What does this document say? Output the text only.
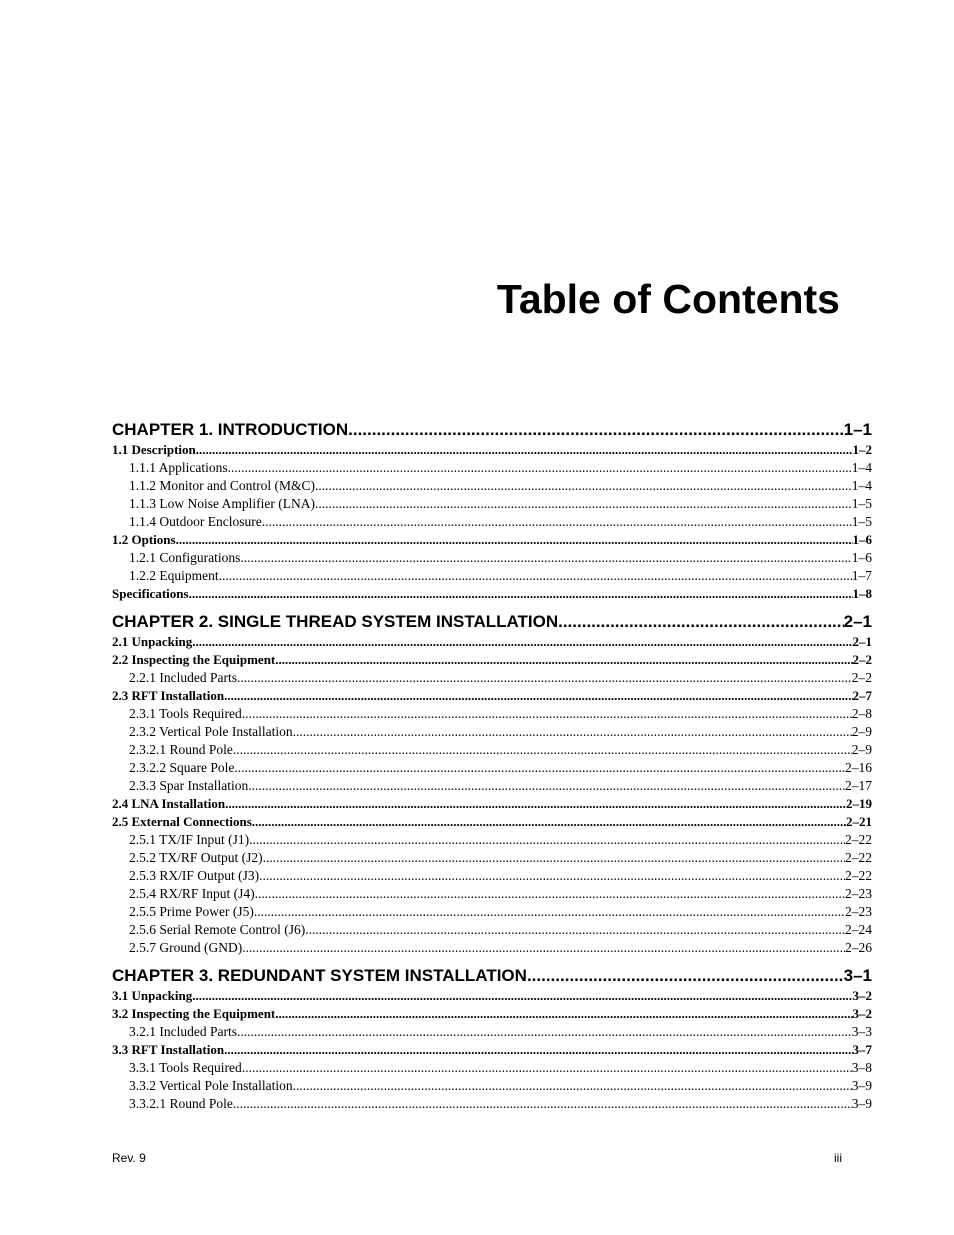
Table of Contents
CHAPTER 1. INTRODUCTION .....	1–1
1.1 Description .....	1–2
1.1.1 Applications .....	1–4
1.1.2 Monitor and Control (M&C) .....	1–4
1.1.3 Low Noise Amplifier (LNA) .....	1–5
1.1.4 Outdoor Enclosure .....	1–5
1.2 Options .....	1–6
1.2.1 Configurations .....	1–6
1.2.2 Equipment .....	1–7
Specifications .....	1–8
CHAPTER 2. SINGLE THREAD SYSTEM INSTALLATION .....	2–1
2.1 Unpacking .....	2–1
2.2 Inspecting the Equipment .....	2–2
2.2.1 Included Parts .....	2–2
2.3 RFT Installation .....	2–7
2.3.1 Tools Required .....	2–8
2.3.2 Vertical Pole Installation .....	2–9
2.3.2.1 Round Pole .....	2–9
2.3.2.2 Square Pole .....	2–16
2.3.3 Spar Installation .....	2–17
2.4 LNA Installation .....	2–19
2.5 External Connections .....	2–21
2.5.1 TX/IF Input (J1) .....	2–22
2.5.2 TX/RF Output (J2) .....	2–22
2.5.3 RX/IF Output (J3) .....	2–22
2.5.4 RX/RF Input (J4) .....	2–23
2.5.5 Prime Power (J5) .....	2–23
2.5.6 Serial Remote Control (J6) .....	2–24
2.5.7 Ground (GND) .....	2–26
CHAPTER 3. REDUNDANT SYSTEM INSTALLATION .....	3–1
3.1 Unpacking .....	3–2
3.2 Inspecting the Equipment .....	3–2
3.2.1 Included Parts .....	3–3
3.3 RFT Installation .....	3–7
3.3.1 Tools Required .....	3–8
3.3.2 Vertical Pole Installation .....	3–9
3.3.2.1 Round Pole .....	3–9
Rev. 9	iii
